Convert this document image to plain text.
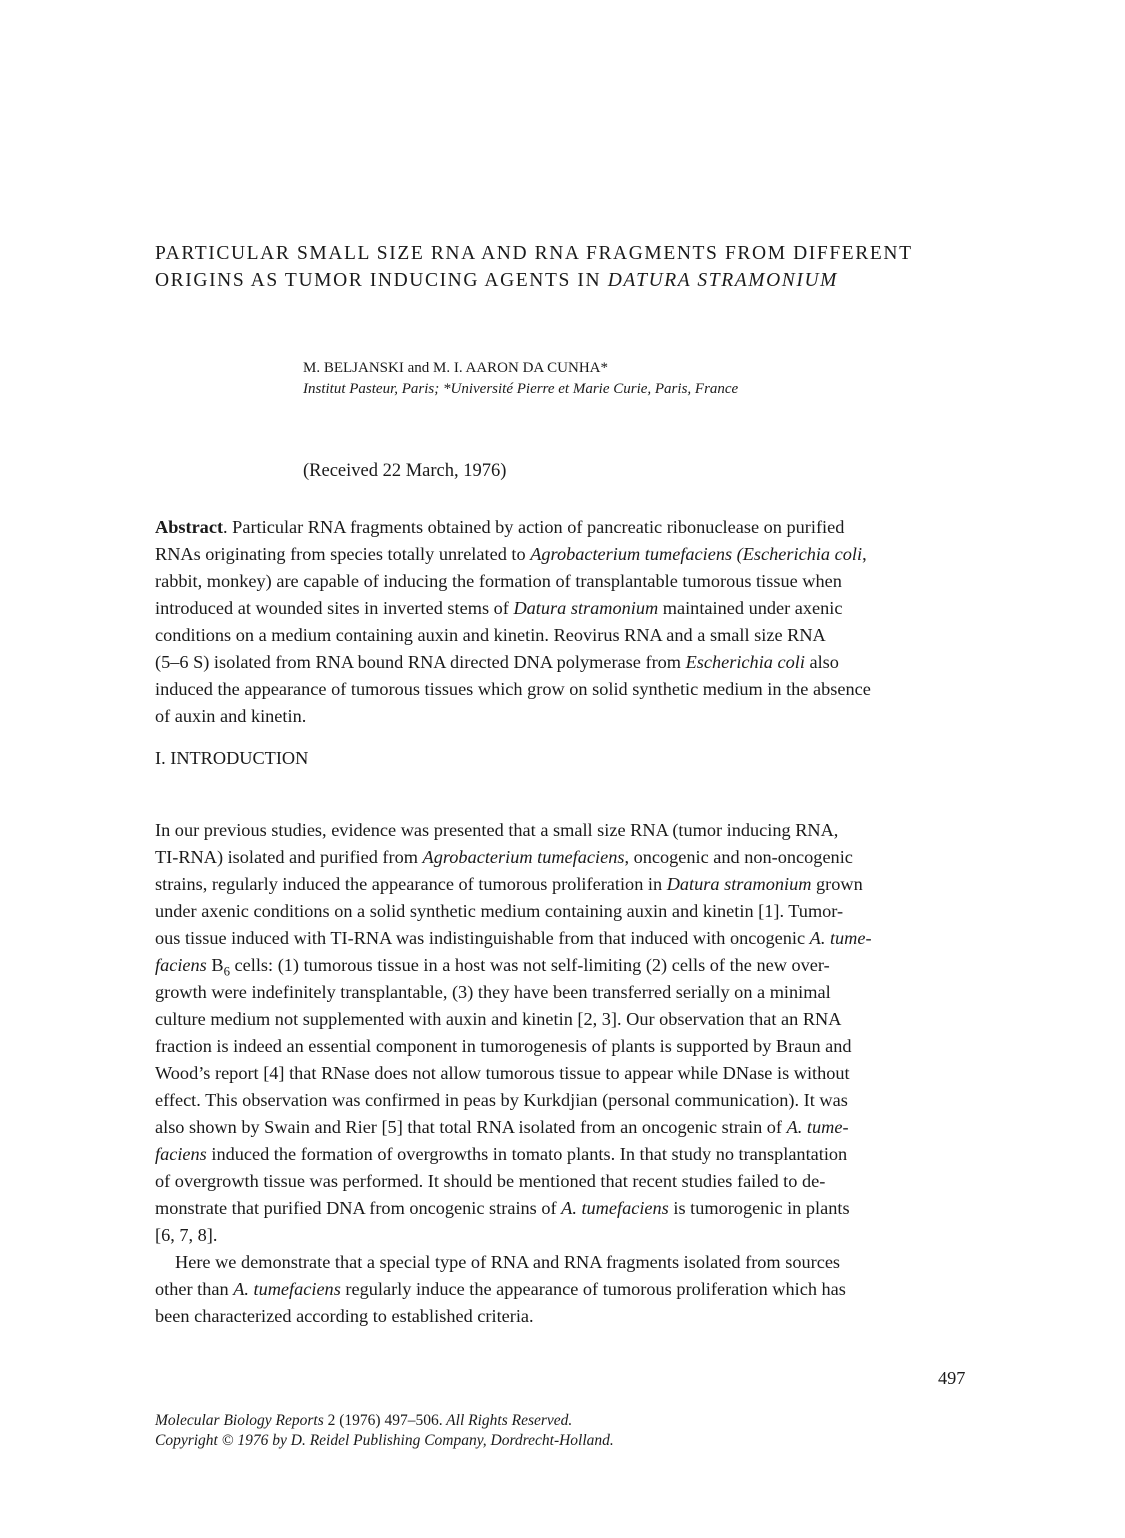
PARTICULAR SMALL SIZE RNA AND RNA FRAGMENTS FROM DIFFERENT
ORIGINS AS TUMOR INDUCING AGENTS IN DATURA STRAMONIUM
M. BELJANSKI and M. I. AARON DA CUNHA*
Institut Pasteur, Paris; *Université Pierre et Marie Curie, Paris, France
(Received 22 March, 1976)
Abstract. Particular RNA fragments obtained by action of pancreatic ribonuclease on purified
RNAs originating from species totally unrelated to Agrobacterium tumefaciens (Escherichia coli,
rabbit, monkey) are capable of inducing the formation of transplantable tumorous tissue when
introduced at wounded sites in inverted stems of Datura stramonium maintained under axenic
conditions on a medium containing auxin and kinetin. Reovirus RNA and a small size RNA
(5–6 S) isolated from RNA bound RNA directed DNA polymerase from Escherichia coli also
induced the appearance of tumorous tissues which grow on solid synthetic medium in the absence
of auxin and kinetin.
I. INTRODUCTION
In our previous studies, evidence was presented that a small size RNA (tumor inducing RNA,
TI-RNA) isolated and purified from Agrobacterium tumefaciens, oncogenic and non-oncogenic
strains, regularly induced the appearance of tumorous proliferation in Datura stramonium grown
under axenic conditions on a solid synthetic medium containing auxin and kinetin [1]. Tumor-
ous tissue induced with TI-RNA was indistinguishable from that induced with oncogenic A. tume-
faciens $B_6$ cells: (1) tumorous tissue in a host was not self-limiting (2) cells of the new over-
growth were indefinitely transplantable, (3) they have been transferred serially on a minimal
culture medium not supplemented with auxin and kinetin [2, 3]. Our observation that an RNA
fraction is indeed an essential component in tumorogenesis of plants is supported by Braun and
Wood’s report [4] that RNase does not allow tumorous tissue to appear while DNase is without
effect. This observation was confirmed in peas by Kurkdjian (personal communication). It was
also shown by Swain and Rier [5] that total RNA isolated from an oncogenic strain of A. tume-
faciens induced the formation of overgrowths in tomato plants. In that study no transplantation
of overgrowth tissue was performed. It should be mentioned that recent studies failed to de-
monstrate that purified DNA from oncogenic strains of A. tumefaciens is tumorogenic in plants
[6, 7, 8].
Here we demonstrate that a special type of RNA and RNA fragments isolated from sources
other than A. tumefaciens regularly induce the appearance of tumorous proliferation which has
been characterized according to established criteria.
497
Molecular Biology Reports 2 (1976) 497–506. All Rights Reserved.
Copyright © 1976 by D. Reidel Publishing Company, Dordrecht-Holland.
